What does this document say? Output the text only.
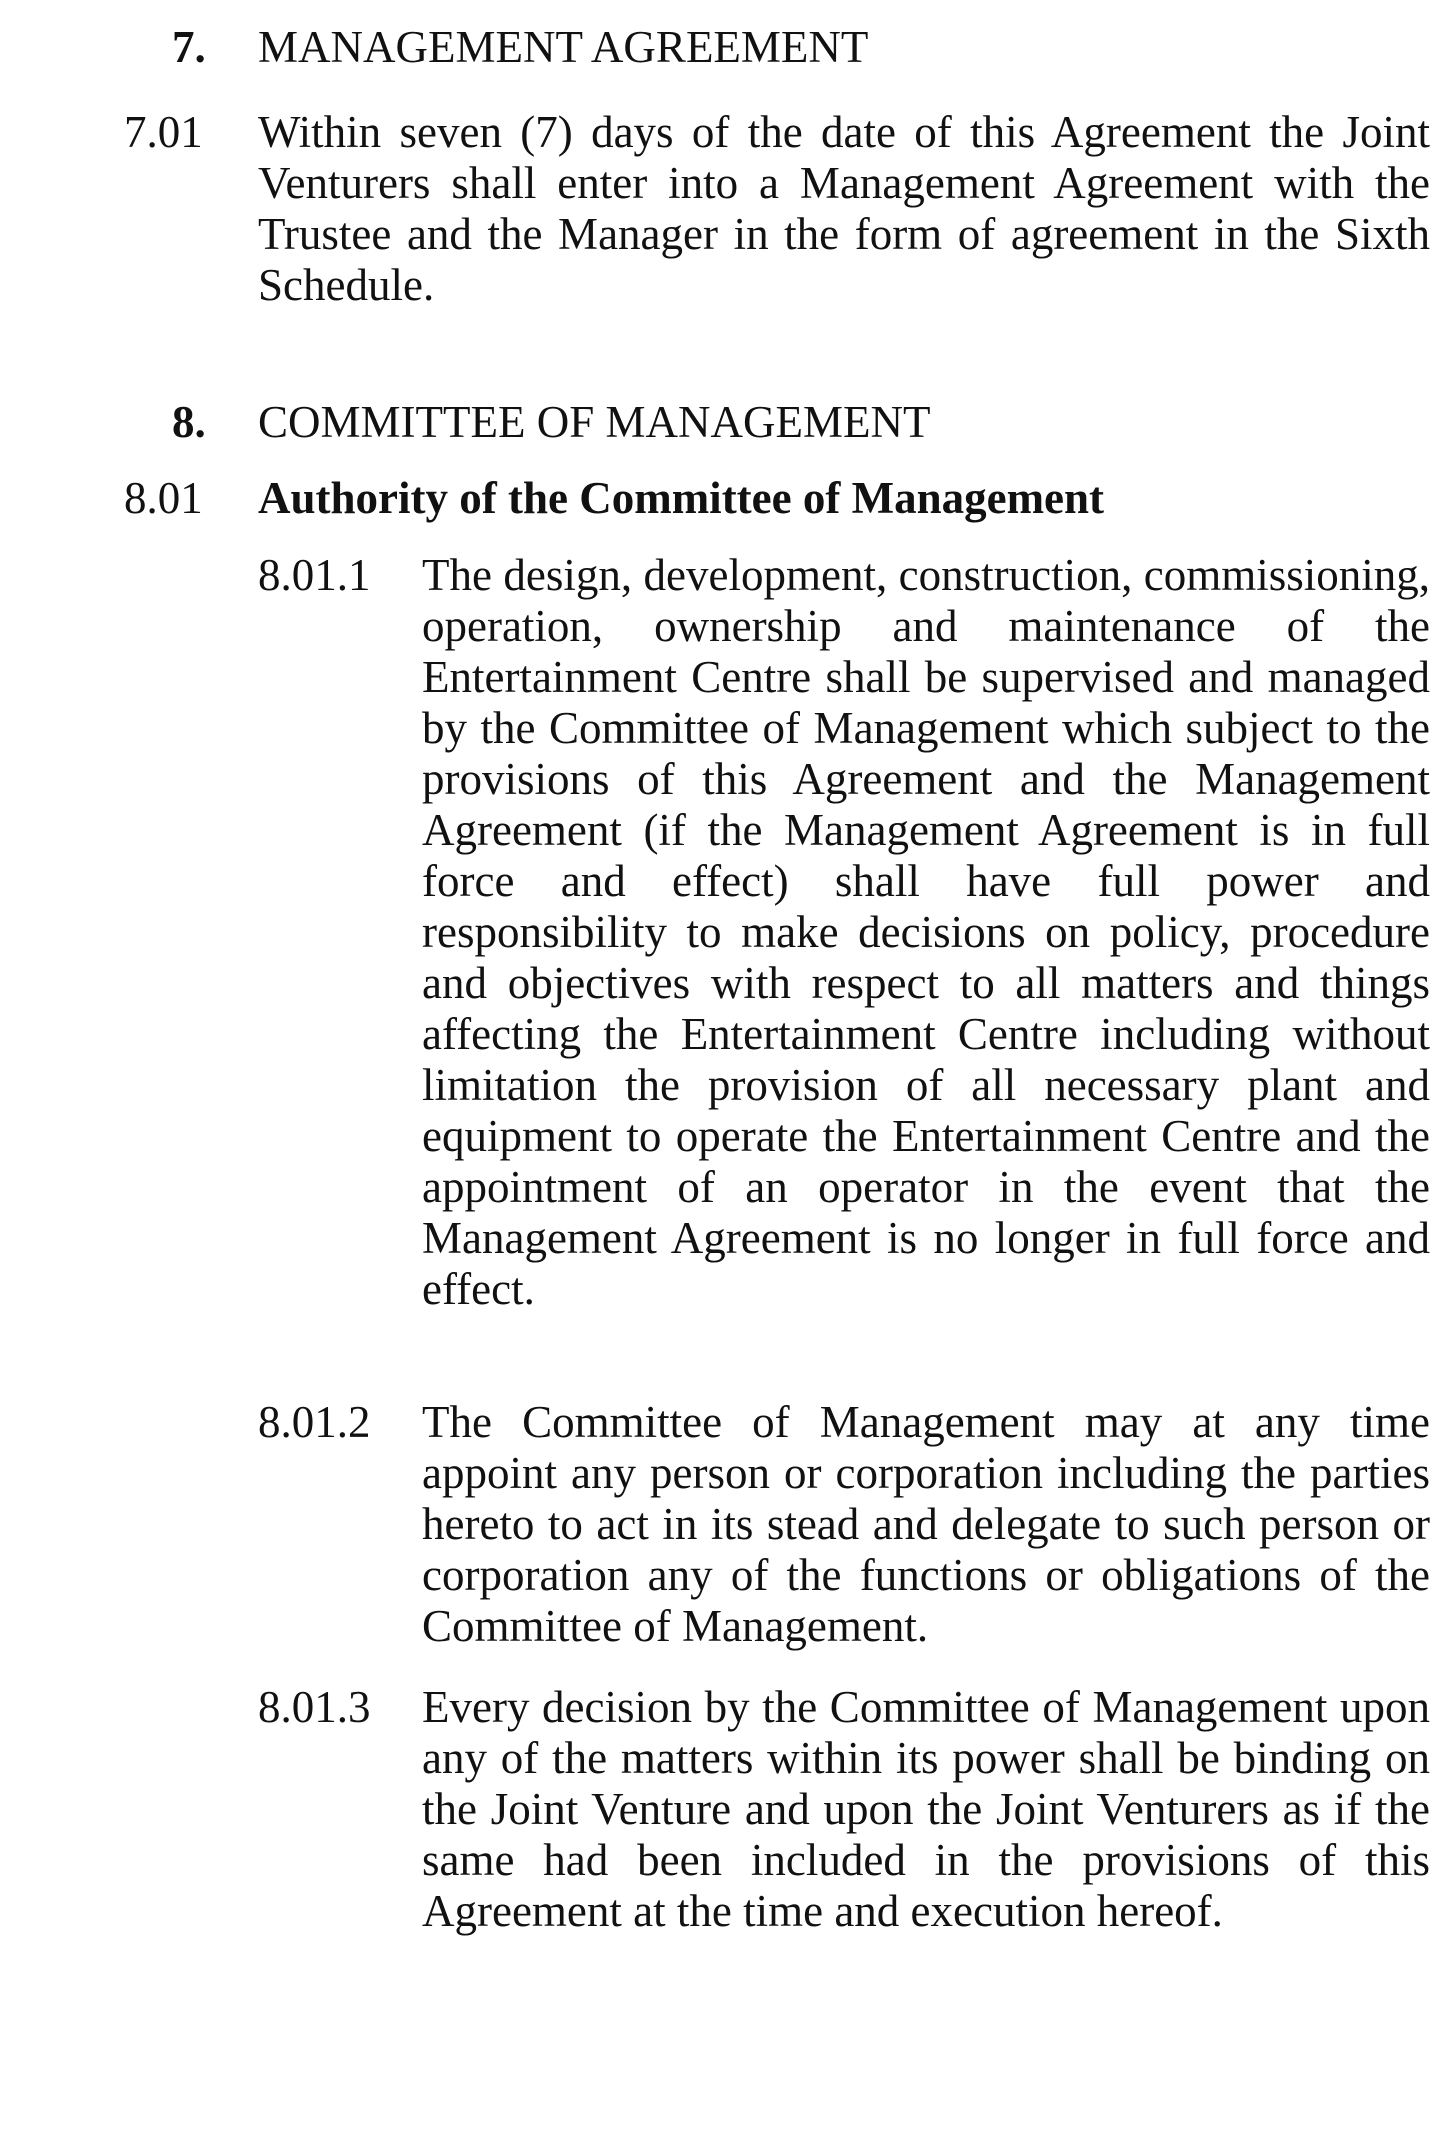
7. MANAGEMENT AGREEMENT
7.01 Within seven (7) days of the date of this Agreement the Joint Venturers shall enter into a Management Agreement with the Trustee and the Manager in the form of agreement in the Sixth Schedule.

8. COMMITTEE OF MANAGEMENT
8.01 Authority of the Committee of Management
8.01.1 The design, development, construction, commissioning, operation, ownership and maintenance of the Entertainment Centre shall be supervised and managed by the Committee of Management which subject to the provisions of this Agreement and the Management Agreement (if the Management Agreement is in full force and effect) shall have full power and responsibility to make decisions on policy, procedure and objectives with respect to all matters and things affecting the Entertainment Centre including without limitation the provision of all necessary plant and equipment to operate the Entertainment Centre and the appointment of an operator in the event that the Management Agreement is no longer in full force and effect.

8.01.2 The Committee of Management may at any time appoint any person or corporation including the parties hereto to act in its stead and delegate to such person or corporation any of the functions or obligations of the Committee of Management.

8.01.3 Every decision by the Committee of Management upon any of the matters within its power shall be binding on the Joint Venture and upon the Joint Venturers as if the same had been included in the provisions of this Agreement at the time and execution hereof.
